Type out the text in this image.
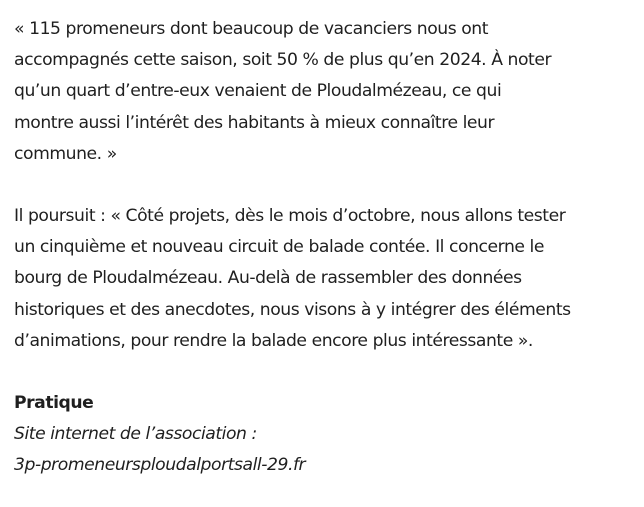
« 115 promeneurs dont beaucoup de vacanciers nous ont
accompagnés cette saison, soit 50 % de plus qu’en 2024. À noter
qu’un quart d’entre-eux venaient de Ploudalmézeau, ce qui
montre aussi l’intérêt des habitants à mieux connaître leur
commune. »

Il poursuit : « Côté projets, dès le mois d’octobre, nous allons tester
un cinquième et nouveau circuit de balade contée. Il concerne le
bourg de Ploudalmézeau. Au-delà de rassembler des données
historiques et des anecdotes, nous visons à y intégrer des éléments
d’animations, pour rendre la balade encore plus intéressante ».

Pratique
Site internet de l’association :
3p-promeneursploudalportsall-29.fr
